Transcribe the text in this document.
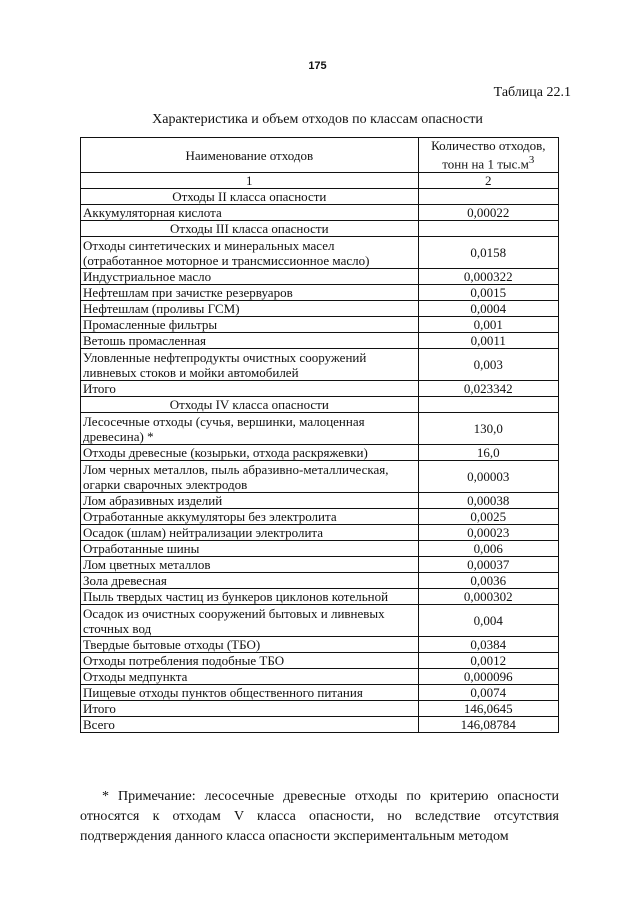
175
Таблица 22.1
Характеристика и объем отходов по классам опасности
Наименование отходов	Количество отходов,
тонн на 1 $тыс.м^3$
1	2
Отходы II класса опасности	
Аккумуляторная кислота	0,00022
Отходы III класса опасности	
Отходы синтетических и минеральных масел (отработанное моторное и трансмиссионное масло)	0,0158
Индустриальное масло	0,000322
Нефтешлам при зачистке резервуаров	0,0015
Нефтешлам (проливы ГСМ)	0,0004
Промасленные фильтры	0,001
Ветошь промасленная	0,0011
Уловленные нефтепродукты очистных сооружений ливневых стоков и мойки автомобилей	0,003
Итого	0,023342
Отходы IV класса опасности	
Лесосечные отходы (сучья, вершинки, малоценная древесина) *	130,0
Отходы древесные (козырьки, отхода раскряжевки)	16,0
Лом черных металлов, пыль абразивно-металлическая, огарки сварочных электродов	0,00003
Лом абразивных изделий	0,00038
Отработанные аккумуляторы без электролита	0,0025
Осадок (шлам) нейтрализации электролита	0,00023
Отработанные шины	0,006
Лом цветных металлов	0,00037
Зола древесная	0,0036
Пыль твердых частиц из бункеров циклонов котельной	0,000302
Осадок из очистных сооружений бытовых и ливневых сточных вод	0,004
Твердые бытовые отходы (ТБО)	0,0384
Отходы потребления подобные ТБО	0,0012
Отходы медпункта	0,000096
Пищевые отходы пунктов общественного питания	0,0074
Итого	146,0645
Всего	146,08784

* Примечание: лесосечные древесные отходы по критерию опасности относятся к отходам V класса опасности, но вследствие отсутствия подтверждения данного класса опасности экспериментальным методом
